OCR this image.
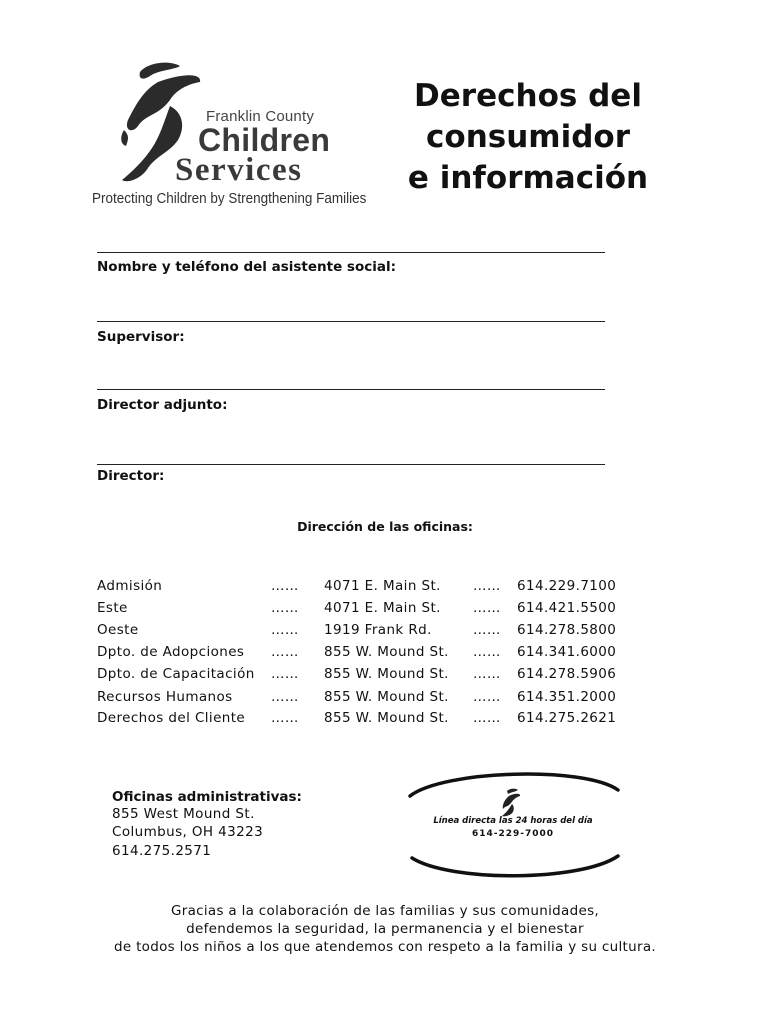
Franklin County
Children
Services
Protecting Children by Strengthening Families
Derechos del
consumidor
e información
Nombre y teléfono del asistente social:
Supervisor:
Director adjunto:
Director:
Dirección de las oficinas:
Admisión	…… 4071 E. Main St. …… 614.229.7100
Este	…… 4071 E. Main St. …… 614.421.5500
Oeste	…… 1919 Frank Rd.	…… 614.278.5800
Dpto. de Adopciones …… 855 W. Mound St. …… 614.341.6000
Dpto. de Capacitación …… 855 W. Mound St. …… 614.278.5906
Recursos Humanos	…… 855 W. Mound St. …… 614.351.2000
Derechos del Cliente …… 855 W. Mound St. …… 614.275.2621
Oficinas administrativas:
855 West Mound St.
Columbus, OH 43223
614.275.2571
Línea directa las 24 horas del día
614-229-7000
Gracias a la colaboración de las familias y sus comunidades,
defendemos la seguridad, la permanencia y el bienestar
de todos los niños a los que atendemos con respeto a la familia y su cultura.
